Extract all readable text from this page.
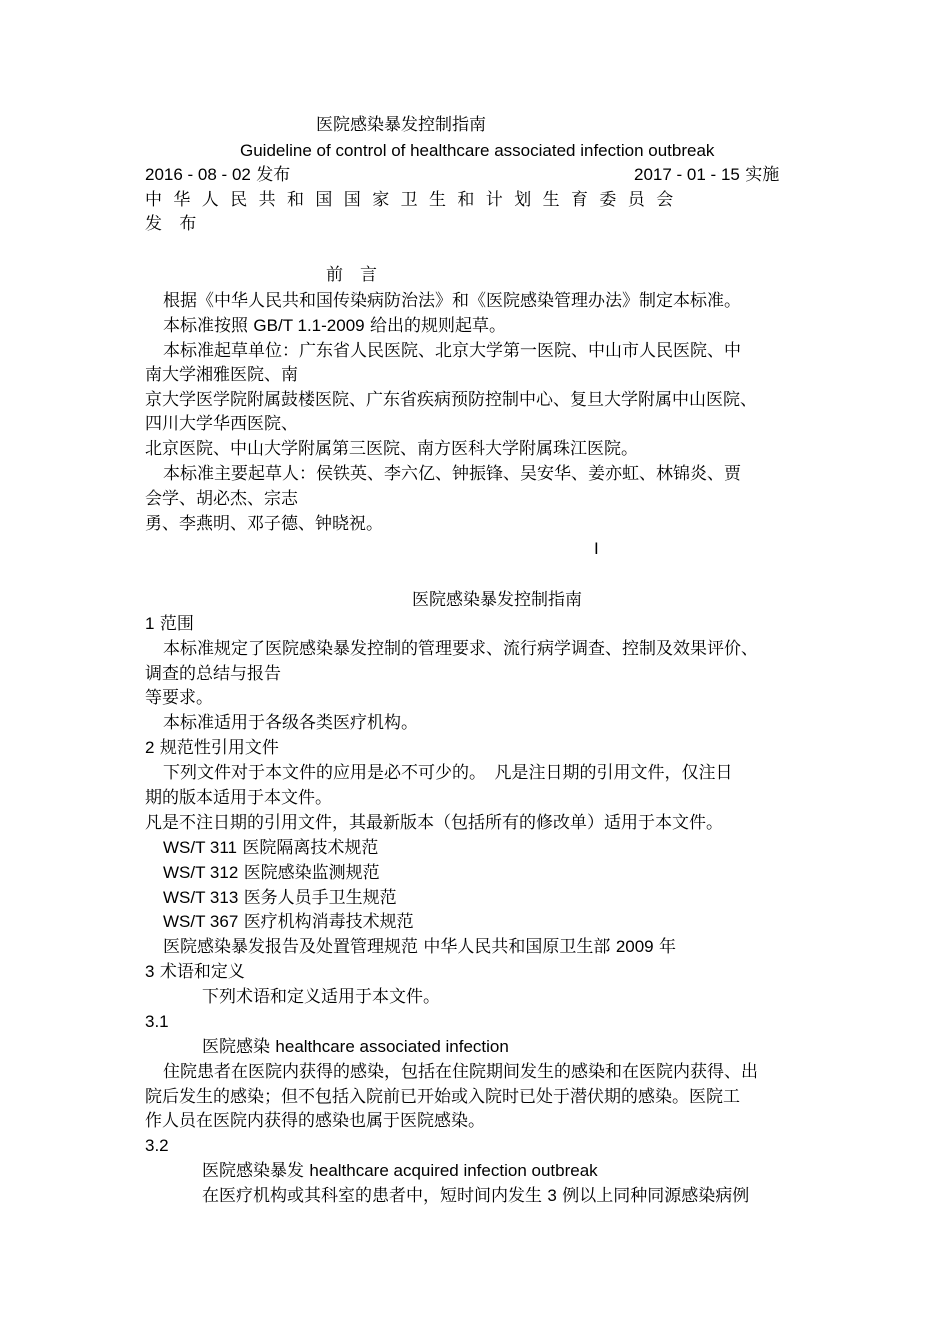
医院感染暴发控制指南
Guideline of control of healthcare associated infection outbreak
2016 - 08 - 02 发布	2017 - 01 - 15 实施
中华人民共和国国家卫生和计划生育委员会
发 布
前　言
根据《中华人民共和国传染病防治法》和《医院感染管理办法》制定本标准。
本标准按照 GB/T 1.1-2009 给出的规则起草。
本标准起草单位：广东省人民医院、北京大学第一医院、中山市人民医院、中
南大学湘雅医院、南
京大学医学院附属鼓楼医院、广东省疾病预防控制中心、复旦大学附属中山医院、
四川大学华西医院、
北京医院、中山大学附属第三医院、南方医科大学附属珠江医院。
本标准主要起草人：侯铁英、李六亿、钟振锋、吴安华、姜亦虹、林锦炎、贾
会学、胡必杰、宗志
勇、李燕明、邓子德、钟晓祝。
I
医院感染暴发控制指南
1 范围
本标准规定了医院感染暴发控制的管理要求、流行病学调查、控制及效果评价、
调查的总结与报告
等要求。
本标准适用于各级各类医疗机构。
2 规范性引用文件
下列文件对于本文件的应用是必不可少的。　凡是注日期的引用文件，仅注日
期的版本适用于本文件。
凡是不注日期的引用文件，其最新版本（包括所有的修改单）适用于本文件。
WS/T 311 医院隔离技术规范
WS/T 312 医院感染监测规范
WS/T 313 医务人员手卫生规范
WS/T 367 医疗机构消毒技术规范
医院感染暴发报告及处置管理规范 中华人民共和国原卫生部 2009 年
3 术语和定义
下列术语和定义适用于本文件。
3.1
医院感染 healthcare associated infection
住院患者在医院内获得的感染，包括在住院期间发生的感染和在医院内获得、出
院后发生的感染；但不包括入院前已开始或入院时已处于潜伏期的感染。医院工
作人员在医院内获得的感染也属于医院感染。
3.2
医院感染暴发 healthcare acquired infection outbreak
在医疗机构或其科室的患者中，短时间内发生 3 例以上同种同源感染病例
